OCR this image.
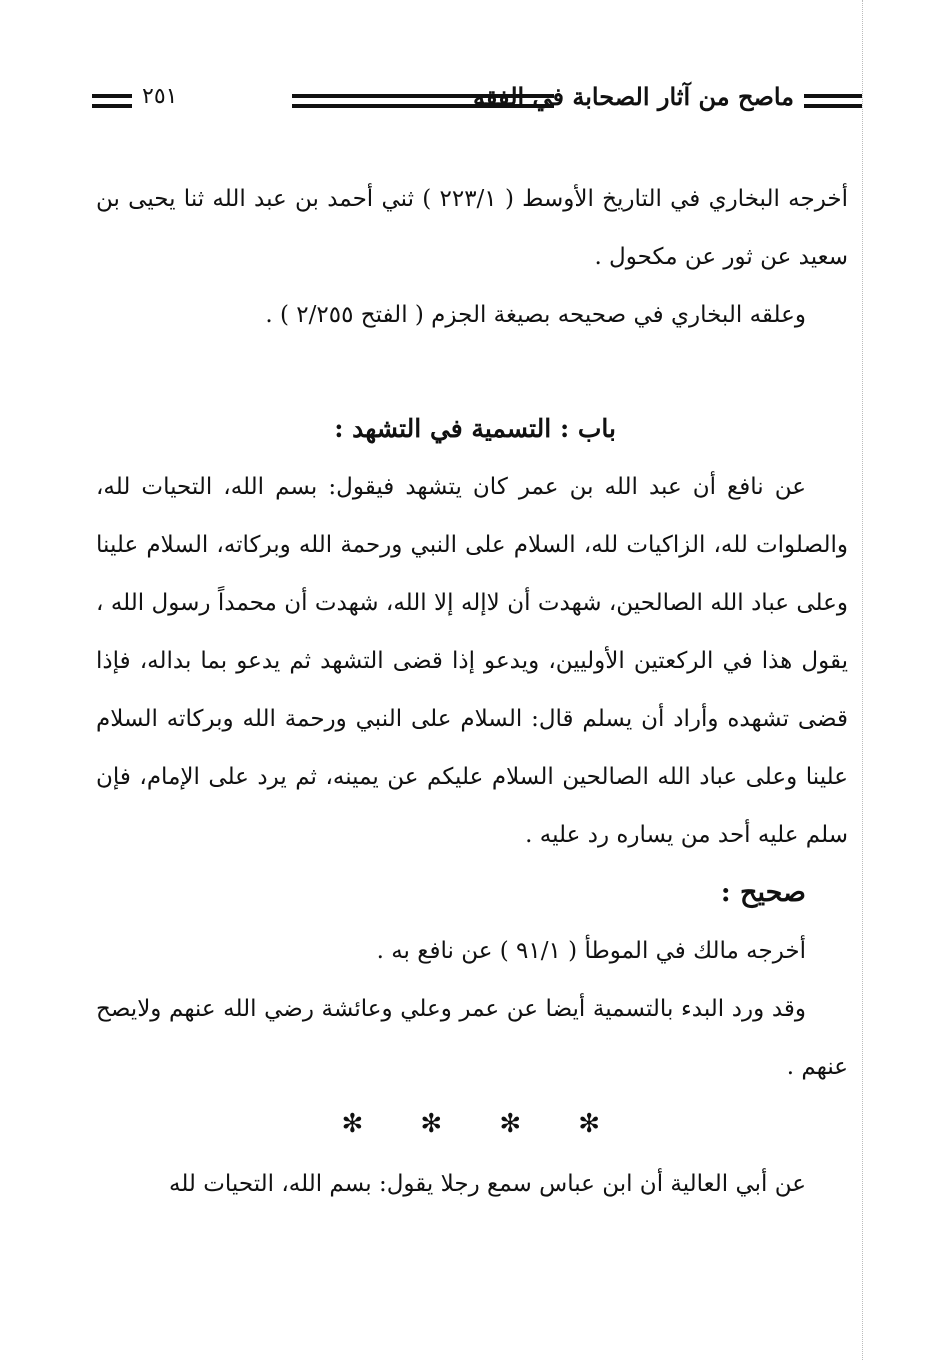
ماصح من آثار الصحابة في الفقه
٢٥١

أخرجه البخاري في التاريخ الأوسط ( ٢٢٣/١ ) ثني أحمد بن عبد الله ثنا يحيى بن سعيد عن ثور عن مكحول .

وعلقه البخاري في صحيحه بصيغة الجزم ( الفتح ٢/٢٥٥ ) .

باب : التسمية في التشهد :

عن نافع أن عبد الله بن عمر كان يتشهد فيقول: بسم الله، التحيات لله، والصلوات لله، الزاكيات لله، السلام على النبي ورحمة الله وبركاته، السلام علينا وعلى عباد الله الصالحين، شهدت أن لاإله إلا الله، شهدت أن محمداً رسول الله ، يقول هذا في الركعتين الأوليين، ويدعو إذا قضى التشهد ثم يدعو بما بداله، فإذا قضى تشهده وأراد أن يسلم قال: السلام على النبي ورحمة الله وبركاته السلام علينا وعلى عباد الله الصالحين السلام عليكم عن يمينه، ثم يرد على الإمام، فإن سلم عليه أحد من يساره رد عليه .

صحيح :

أخرجه مالك في الموطأ ( ٩١/١ ) عن نافع به .

وقد ورد البدء بالتسمية أيضا عن عمر وعلي وعائشة رضي الله عنهم ولايصح عنهم .

✻ ✻ ✻ ✻

عن أبي العالية أن ابن عباس سمع رجلا يقول: بسم الله، التحيات لله
